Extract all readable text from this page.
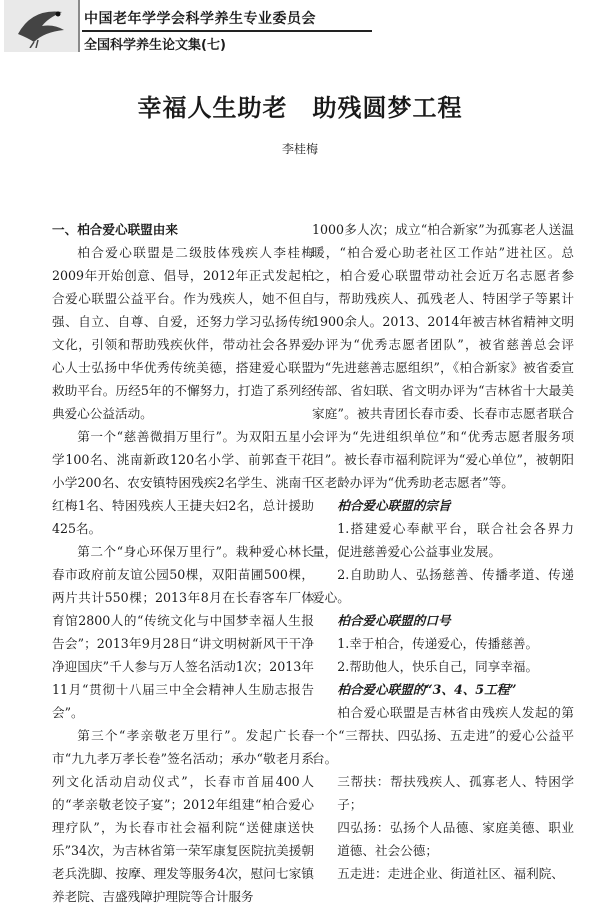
中国老年学学会科学养生专业委员会
全国科学养生论文集(七)
幸福人生助老　助残圆梦工程
李桂梅
一、柏合爱心联盟由来

柏合爱心联盟是二级肢体残疾人李桂梅2009年开始创意、倡导，2012年正式发起柏合爱心联盟公益平台。作为残疾人，她不但自强、自立、自尊、自爱，还努力学习弘扬传统文化，引领和帮助残疾伙伴，带动社会各界爱心人士弘扬中华优秀传统美德，搭建爱心联盟救助平台。历经5年的不懈努力，打造了系列经典爱心公益活动。

第一个“慈善微捐万里行”。为双阳五星小学100名、洮南新政120名小学、前郭查干花小学200名、农安镇特困残疾2名学生、洮南千红梅1名、特困残疾人王捷夫妇2名，总计援助425名。

第二个“身心环保万里行”。栽种爱心林长春市政府前友谊公园50棵，双阳苗圃500棵，两片共计550棵；2013年8月在长春客车厂体育馆2800人的“传统文化与中国梦幸福人生报告会”；2013年9月28日“讲文明树新风干干净净迎国庆”千人参与万人签名活动1次；2013年11月“贯彻十八届三中全会精神人生励志报告会”。

第三个“孝亲敬老万里行”。发起广长春市“九九孝万孝长卷”签名活动；承办“敬老月系列文化活动启动仪式”，长春市首届400人的“孝亲敬老饺子宴”；2012年组建“柏合爱心理疗队”，为长春市社会福利院“送健康送快乐”34次，为吉林省第一荣军康复医院抗美援朝老兵洗脚、按摩、理发等服务4次，慰问七家镇养老院、吉盛残障护理院等合计服务

1000多人次；成立“柏合新家”为孤寡老人送温暖，“柏合爱心助老社区工作站”进社区。总之，柏合爱心联盟带动社会近万名志愿者参与，帮助残疾人、孤残老人、特困学子等累计1900余人。2013、2014年被吉林省精神文明办评为“优秀志愿者团队”，被省慈善总会评为“先进慈善志愿组织”，《柏合新家》被省委宣传部、省妇联、省文明办评为“吉林省十大最美家庭”。被共青团长春市委、长春市志愿者联合会评为“先进组织单位”和“优秀志愿者服务项目”。被长春市福利院评为“爱心单位”，被朝阳区老龄办评为“优秀助老志愿者”等。

柏合爱心联盟的宗旨

1.搭建爱心奉献平台，联合社会各界力量，促进慈善爱心公益事业发展。

2.自助助人、弘扬慈善、传播孝道、传递爱心。

柏合爱心联盟的口号

1.幸于柏合，传递爱心，传播慈善。

2.帮助他人，快乐自己，同享幸福。

柏合爱心联盟的“3、4、5工程”

柏合爱心联盟是吉林省由残疾人发起的第一个“三帮扶、四弘扬、五走进”的爱心公益平台。

三帮扶：帮扶残疾人、孤寡老人、特困学子；

四弘扬：弘扬个人品德、家庭美德、职业道德、社会公德；

五走进：走进企业、街道社区、福利院、
